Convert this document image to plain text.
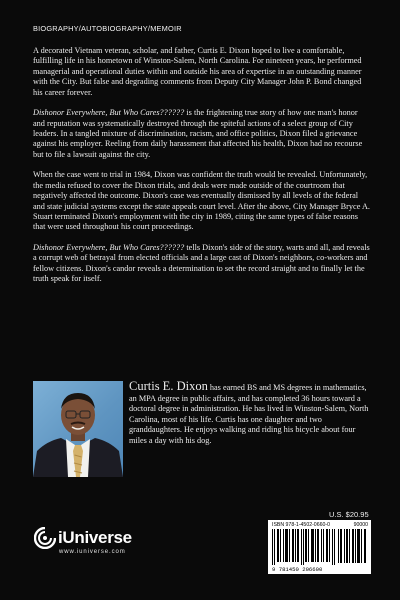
BIOGRAPHY/AUTOBIOGRAPHY/MEMOIR

A decorated Vietnam veteran, scholar, and father, Curtis E. Dixon hoped to live a comfortable, fulfilling life in his hometown of Winston-Salem, North Carolina. For nineteen years, he performed managerial and operational duties within and outside his area of expertise in an outstanding manner with the City. But false and degrading comments from Deputy City Manager John P. Bond changed his career forever.

Dishonor Everywhere, But Who Cares?????? is the frightening true story of how one man's honor and reputation was systematically destroyed through the spiteful actions of a select group of City leaders. In a tangled mixture of discrimination, racism, and office politics, Dixon filed a grievance against his employer. Reeling from daily harassment that affected his health, Dixon had no recourse but to file a lawsuit against the city.

When the case went to trial in 1984, Dixon was confident the truth would be revealed. Unfortunately, the media refused to cover the Dixon trials, and deals were made outside of the courtroom that negatively affected the outcome. Dixon's case was eventually dismissed by all levels of the federal and state judicial systems except the state appeals court level. After the above, City Manager Bryce A. Stuart terminated Dixon's employment with the city in 1989, citing the same types of false reasons that were used throughout his court proceedings.

Dishonor Everywhere, But Who Cares?????? tells Dixon's side of the story, warts and all, and reveals a corrupt web of betrayal from elected officials and a large cast of Dixon's neighbors, co-workers and fellow citizens. Dixon's candor reveals a determination to set the record straight and to finally let the truth speak for itself.

Curtis E. Dixon has earned BS and MS degrees in mathematics, an MPA degree in public affairs, and has completed 36 hours toward a doctoral degree in administration. He has lived in Winston-Salem, North Carolina, most of his life. Curtis has one daughter and two granddaughters. He enjoys walking and riding his bicycle about four miles a day with his dog.
U.S. $20.95
ISBN 978-1-4502-0660-0	90000
9 781450 206600
iUniverse
www.iuniverse.com
